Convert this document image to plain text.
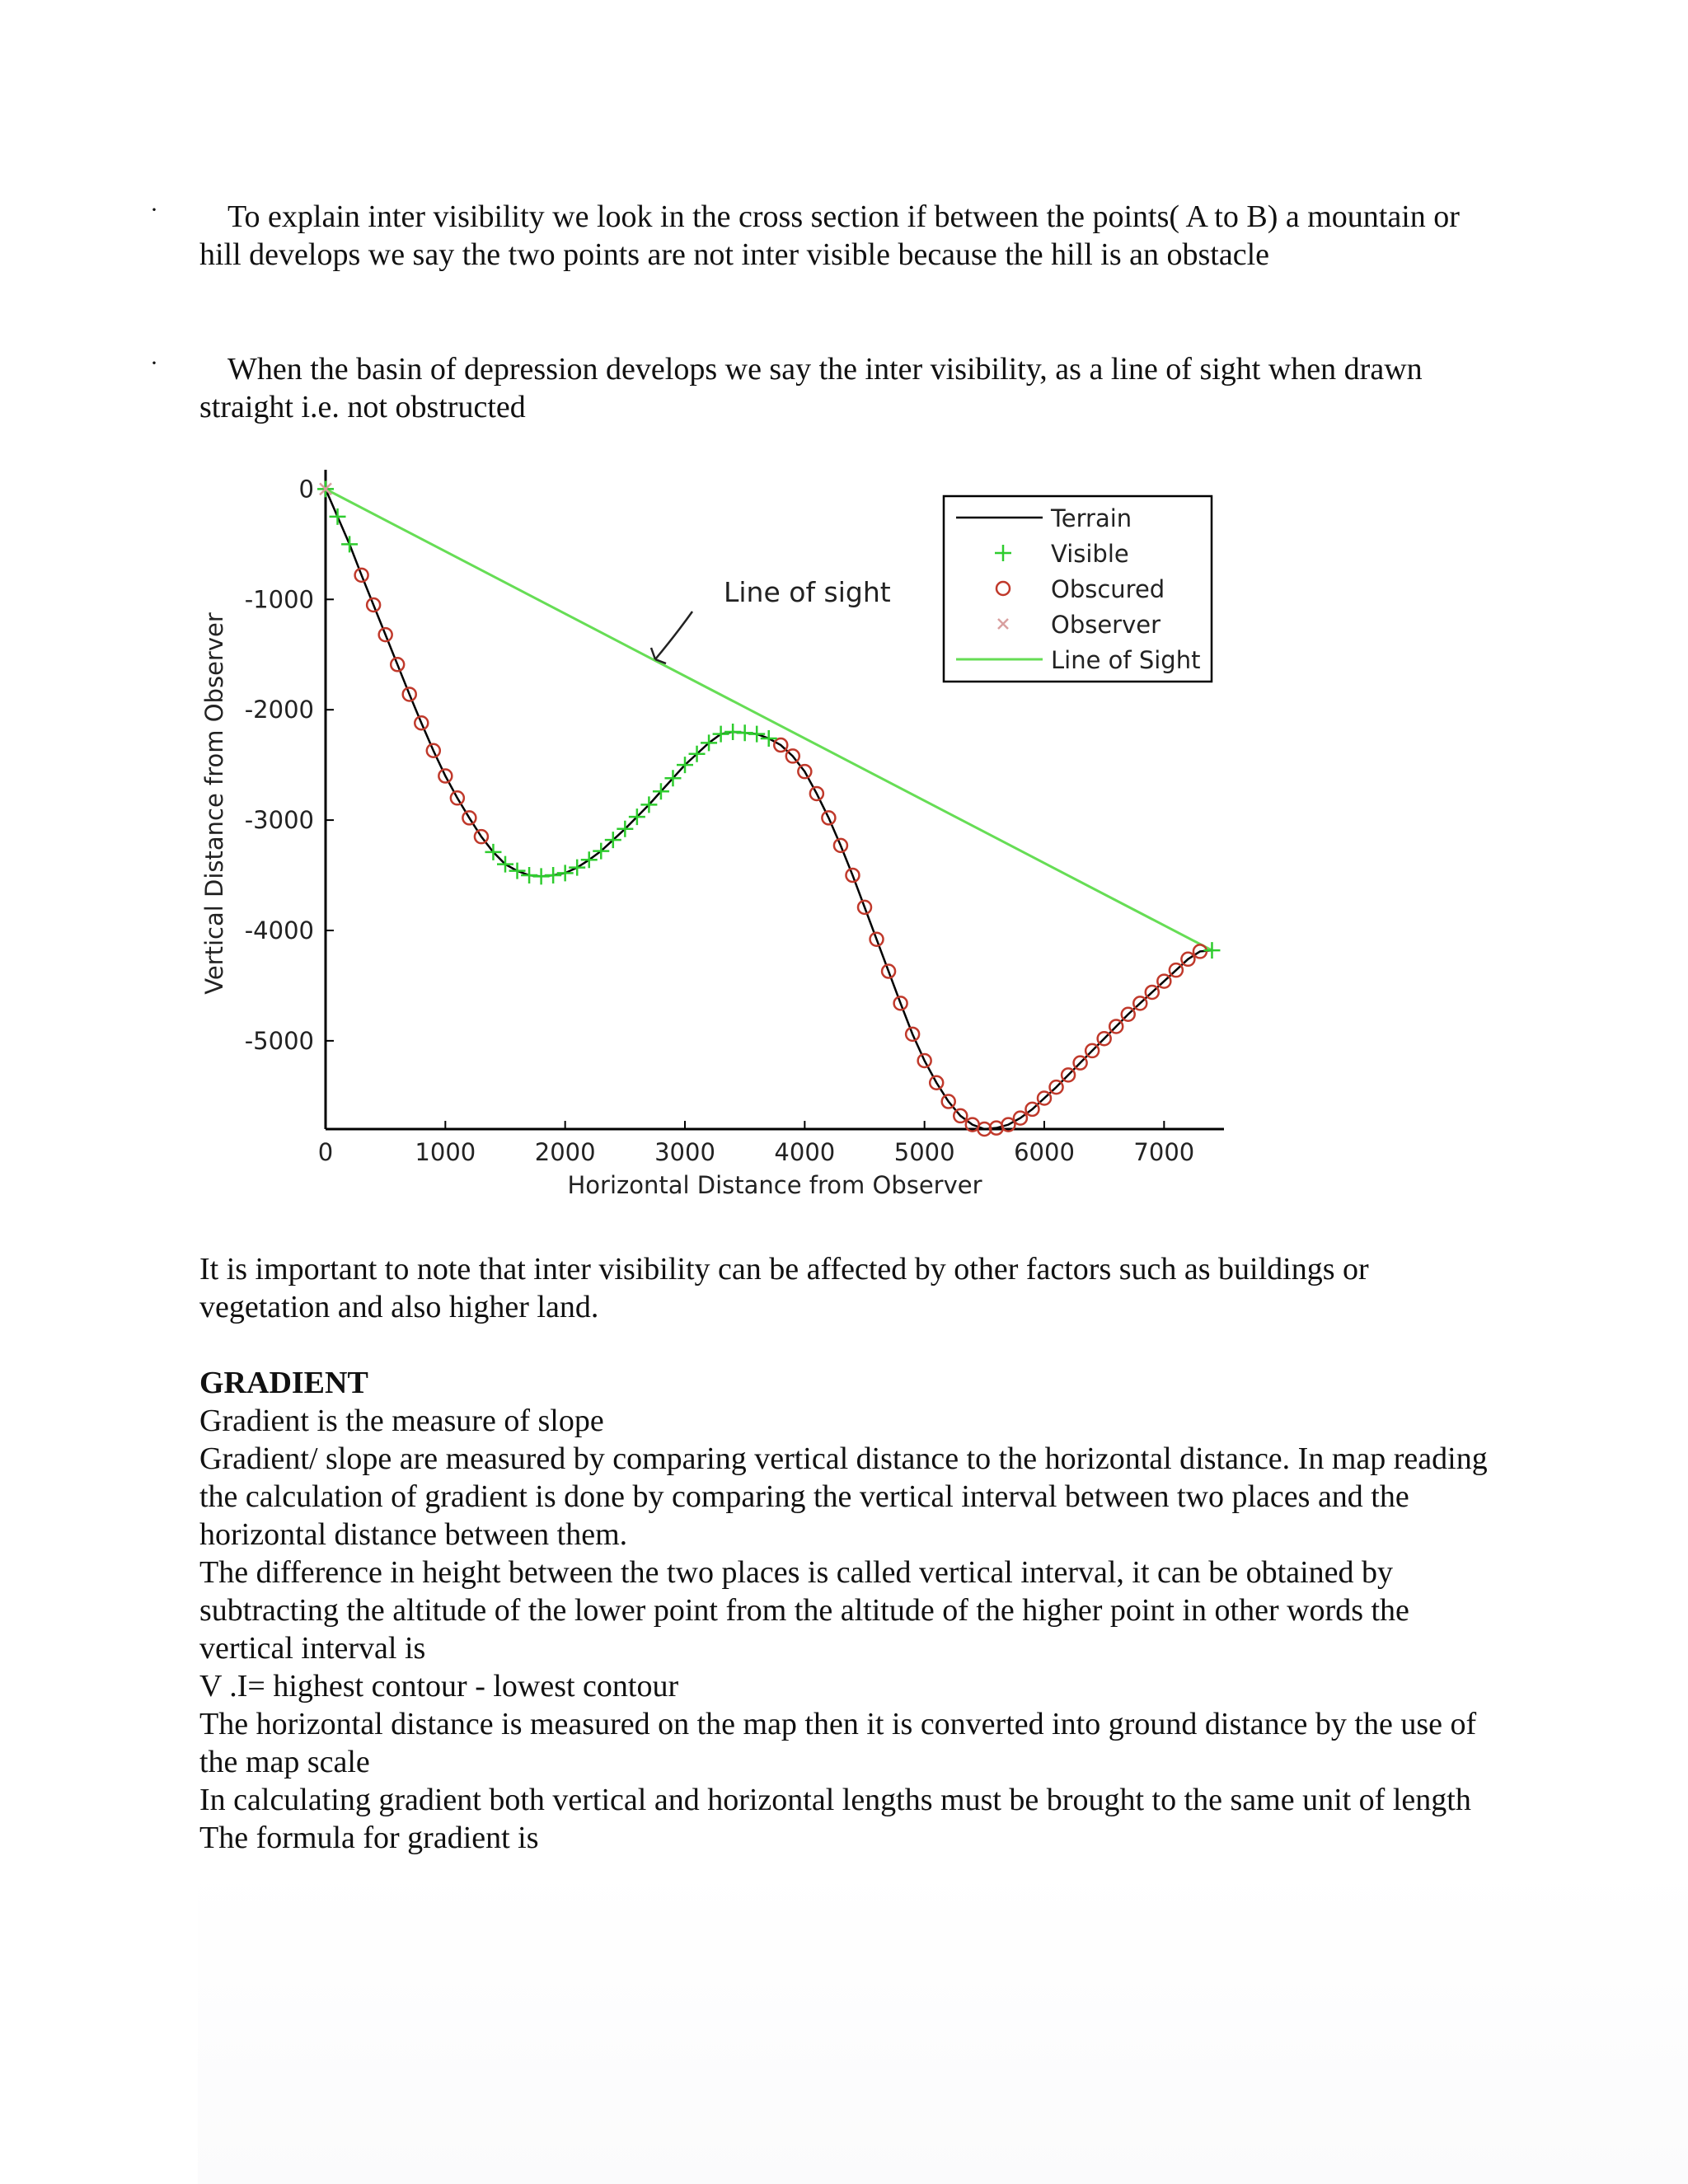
·	To explain inter visibility we look in the cross section if between the points( A to B) a mountain or hill develops we say the two points are not inter visible because the hill is an obstacle
·	When the basin of depression develops we say the inter visibility, as a line of sight when drawn straight i.e. not obstructed
0	1000 2000 3000 4000 5000 6000 7000
0
-1000
-2000
-3000
-4000
-5000
Horizontal Distance from Observer
Vertical Distance from Observer
Line of sight
Terrain
Visible
Obscured
Observer
Line of Sight
It is important to note that inter visibility can be affected by other factors such as buildings or vegetation and also higher land.
GRADIENT

Gradient is the measure of slope

Gradient/ slope are measured by comparing vertical distance to the horizontal distance. In map reading the calculation of gradient is done by comparing the vertical interval between two places and the horizontal distance between them.

The difference in height between the two places is called vertical interval, it can be obtained by subtracting the altitude of the lower point from the altitude of the higher point in other words the vertical interval is

V .I= highest contour - lowest contour

The horizontal distance is measured on the map then it is converted into ground distance by the use of the map scale

In calculating gradient both vertical and horizontal lengths must be brought to the same unit of length

The formula for gradient is
